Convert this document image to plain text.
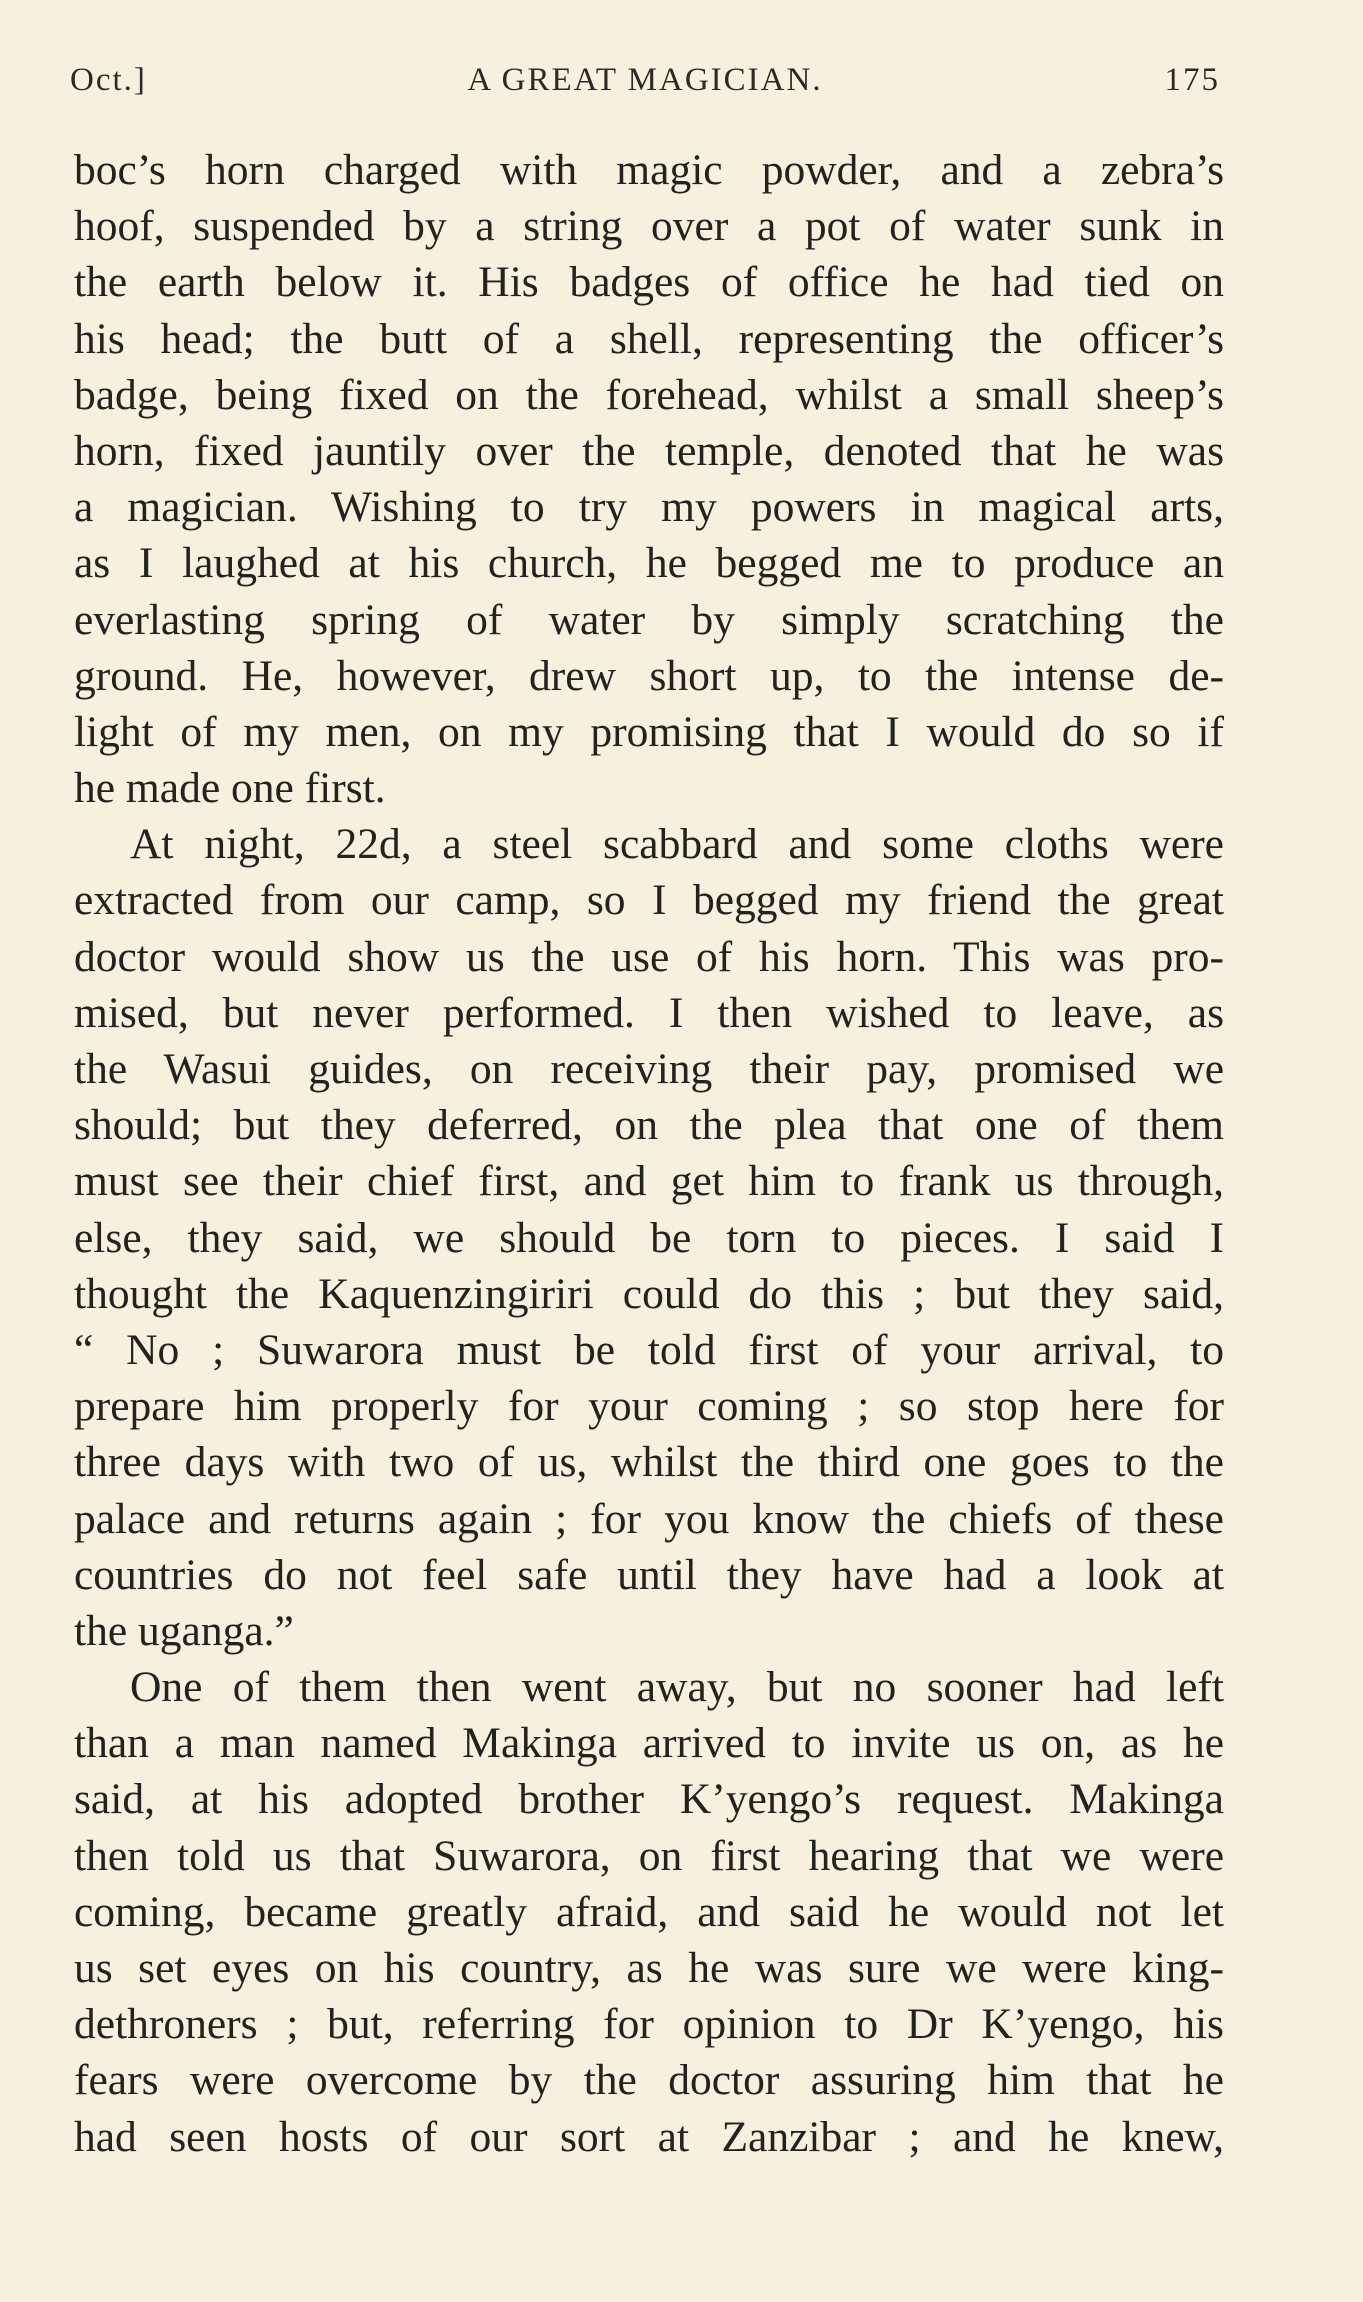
Oct.]	A GREAT MAGICIAN.	175
boc’s horn charged with magic powder, and a zebra’s
hoof, suspended by a string over a pot of water sunk in
the earth below it. His badges of office he had tied on
his head; the butt of a shell, representing the officer’s
badge, being fixed on the forehead, whilst a small sheep’s
horn, fixed jauntily over the temple, denoted that he was
a magician. Wishing to try my powers in magical arts,
as I laughed at his church, he begged me to produce an
everlasting spring of water by simply scratching the
ground. He, however, drew short up, to the intense de-
light of my men, on my promising that I would do so if
he made one first.
At night, 22d, a steel scabbard and some cloths were
extracted from our camp, so I begged my friend the great
doctor would show us the use of his horn. This was pro-
mised, but never performed. I then wished to leave, as
the Wasui guides, on receiving their pay, promised we
should; but they deferred, on the plea that one of them
must see their chief first, and get him to frank us through,
else, they said, we should be torn to pieces. I said I
thought the Kaquenzingiriri could do this ; but they said,
“ No ; Suwarora must be told first of your arrival, to
prepare him properly for your coming ; so stop here for
three days with two of us, whilst the third one goes to the
palace and returns again ; for you know the chiefs of these
countries do not feel safe until they have had a look at
the uganga.”
One of them then went away, but no sooner had left
than a man named Makinga arrived to invite us on, as he
said, at his adopted brother K’yengo’s request. Makinga
then told us that Suwarora, on first hearing that we were
coming, became greatly afraid, and said he would not let
us set eyes on his country, as he was sure we were king-
dethroners ; but, referring for opinion to Dr K’yengo, his
fears were overcome by the doctor assuring him that he
had seen hosts of our sort at Zanzibar ; and he knew,
